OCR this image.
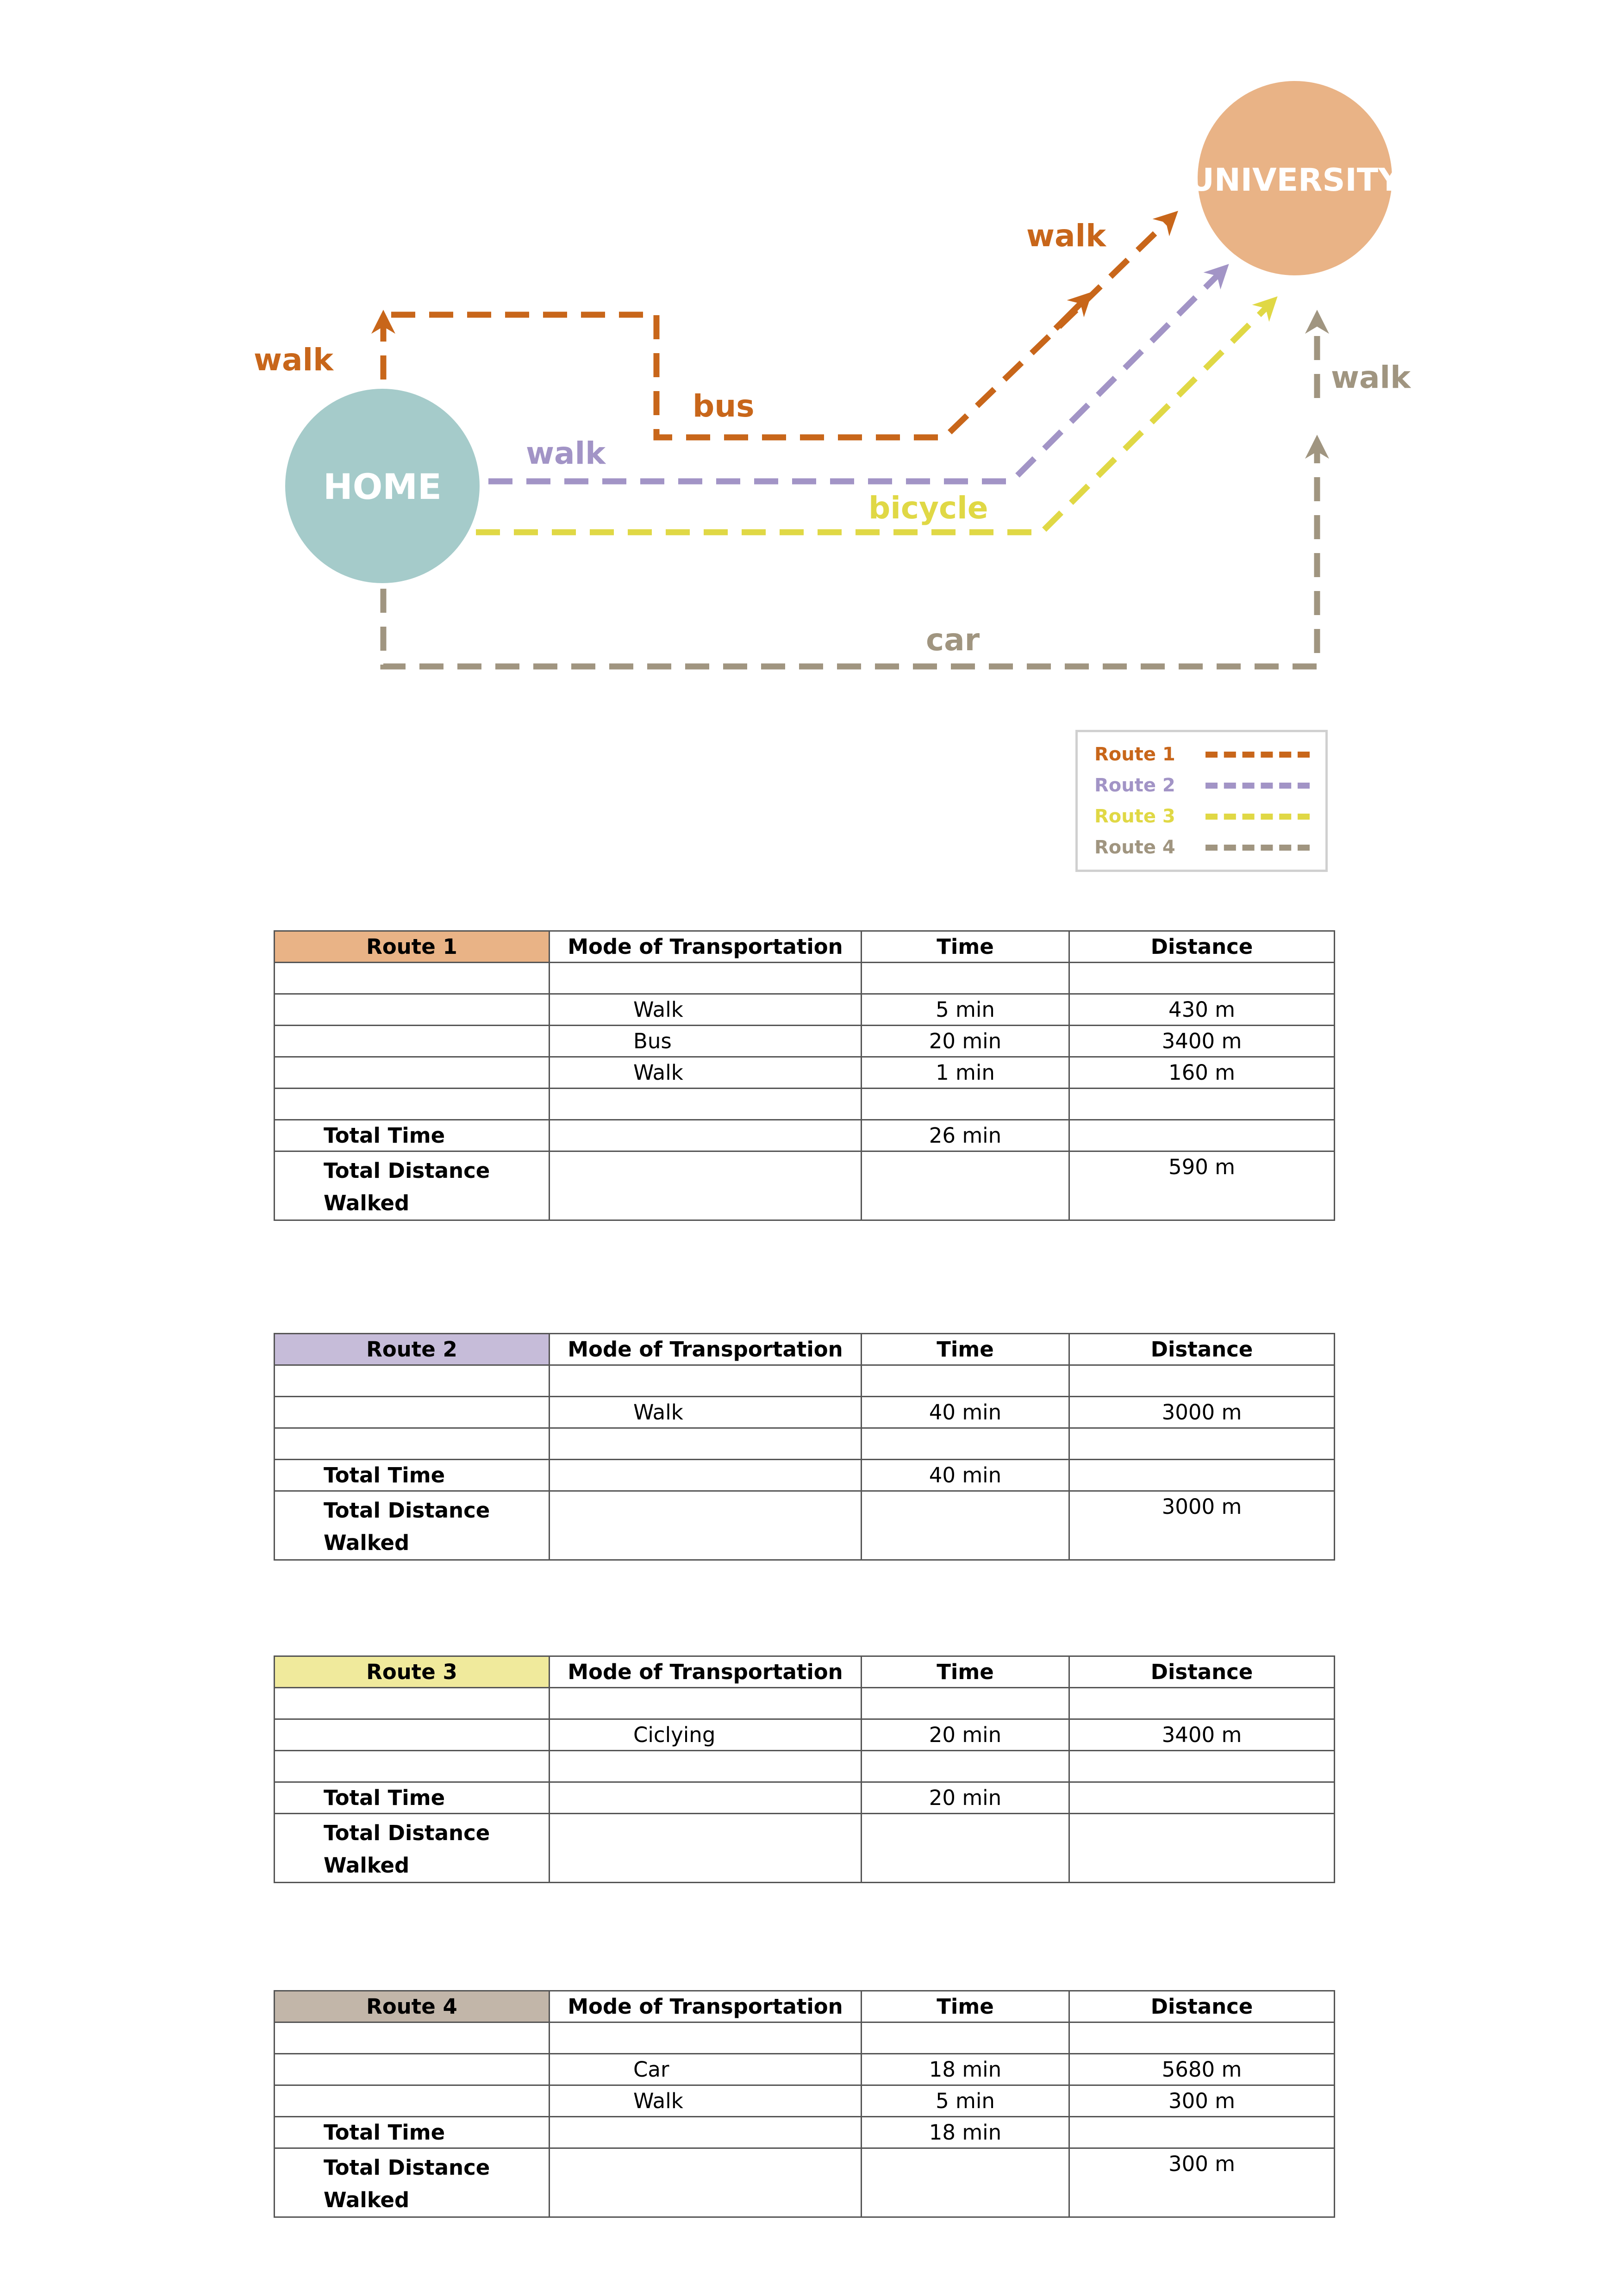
HOME
UNIVERSITY
walk
bus
walk
walk
bicycle
car
walk
Route 1
Route 2
Route 3
Route 4
Route 1	Mode of Transportation	Time	Distance

	Walk	5 min	430 m
	Bus	20 min	3400 m
	Walk	1 min	160 m

Total Time		26 min	
Total Distance Walked			590 m
Route 2	Mode of Transportation	Time	Distance

	Walk	40 min	3000 m

Total Time		40 min	
Total Distance Walked			3000 m
Route 3	Mode of Transportation	Time	Distance

	Ciclying	20 min	3400 m

Total Time		20 min	
Total Distance Walked			
Route 4	Mode of Transportation	Time	Distance

	Car	18 min	5680 m
	Walk	5 min	300 m
Total Time		18 min	
Total Distance Walked			300 m
